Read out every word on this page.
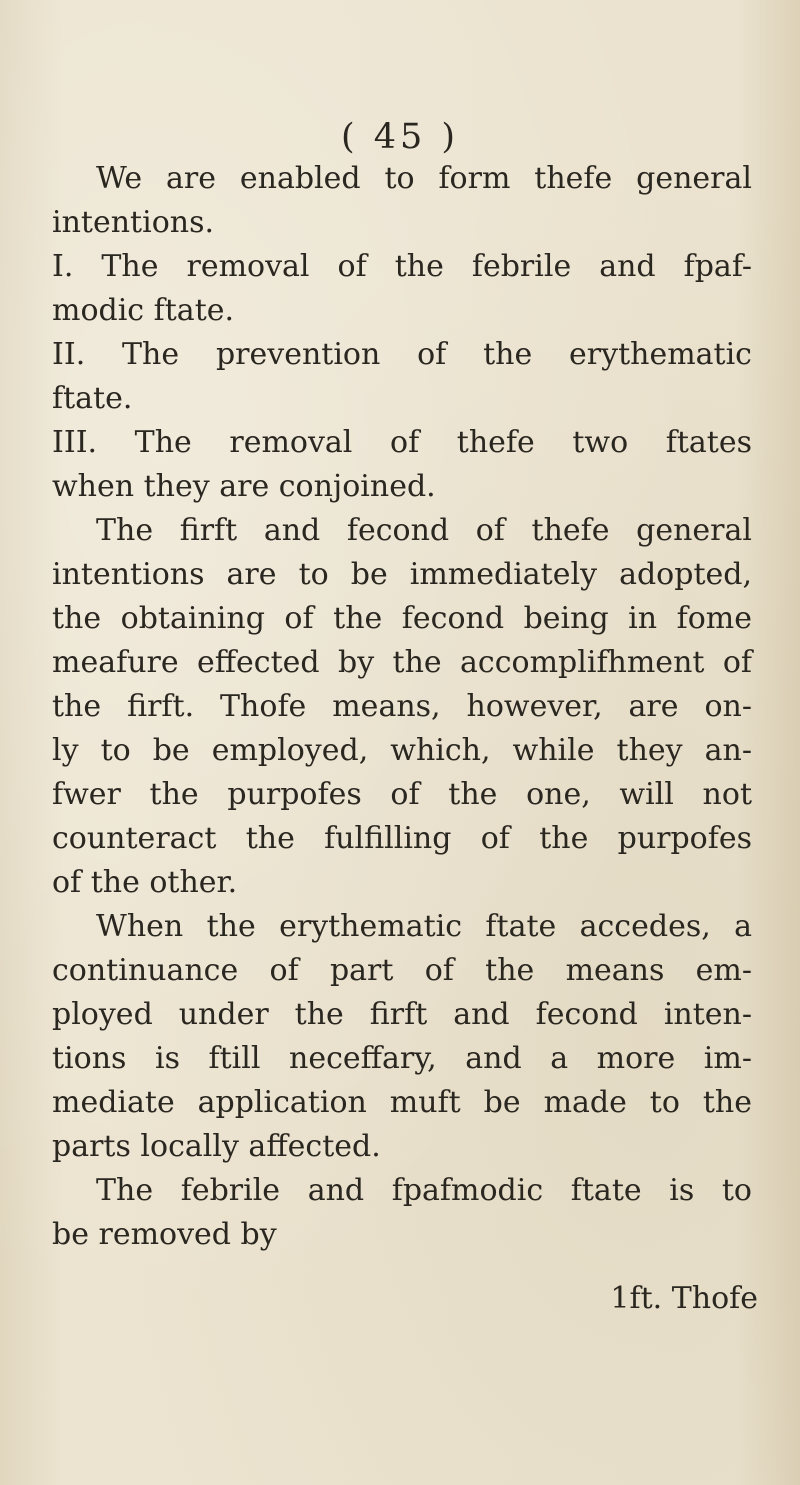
( 45 )
We are enabled to form thefe general
intentions.
I. The removal of the febrile and fpaf-
modic ftate.
II. The prevention of the erythematic
ftate.
III. The removal of thefe two ftates
when they are conjoined.
The firft and fecond of thefe general
intentions are to be immediately adopted,
the obtaining of the fecond being in fome
meafure effected by the accomplifhment of
the firft. Thofe means, however, are on-
ly to be employed, which, while they an-
fwer the purpofes of the one, will not
counteract the fulfilling of the purpofes
of the other.
When the erythematic ftate accedes, a
continuance of part of the means em-
ployed under the firft and fecond inten-
tions is ftill neceffary, and a more im-
mediate application muft be made to the
parts locally affected.
The febrile and fpafmodic ftate is to
be removed by
1ft. Thofe
